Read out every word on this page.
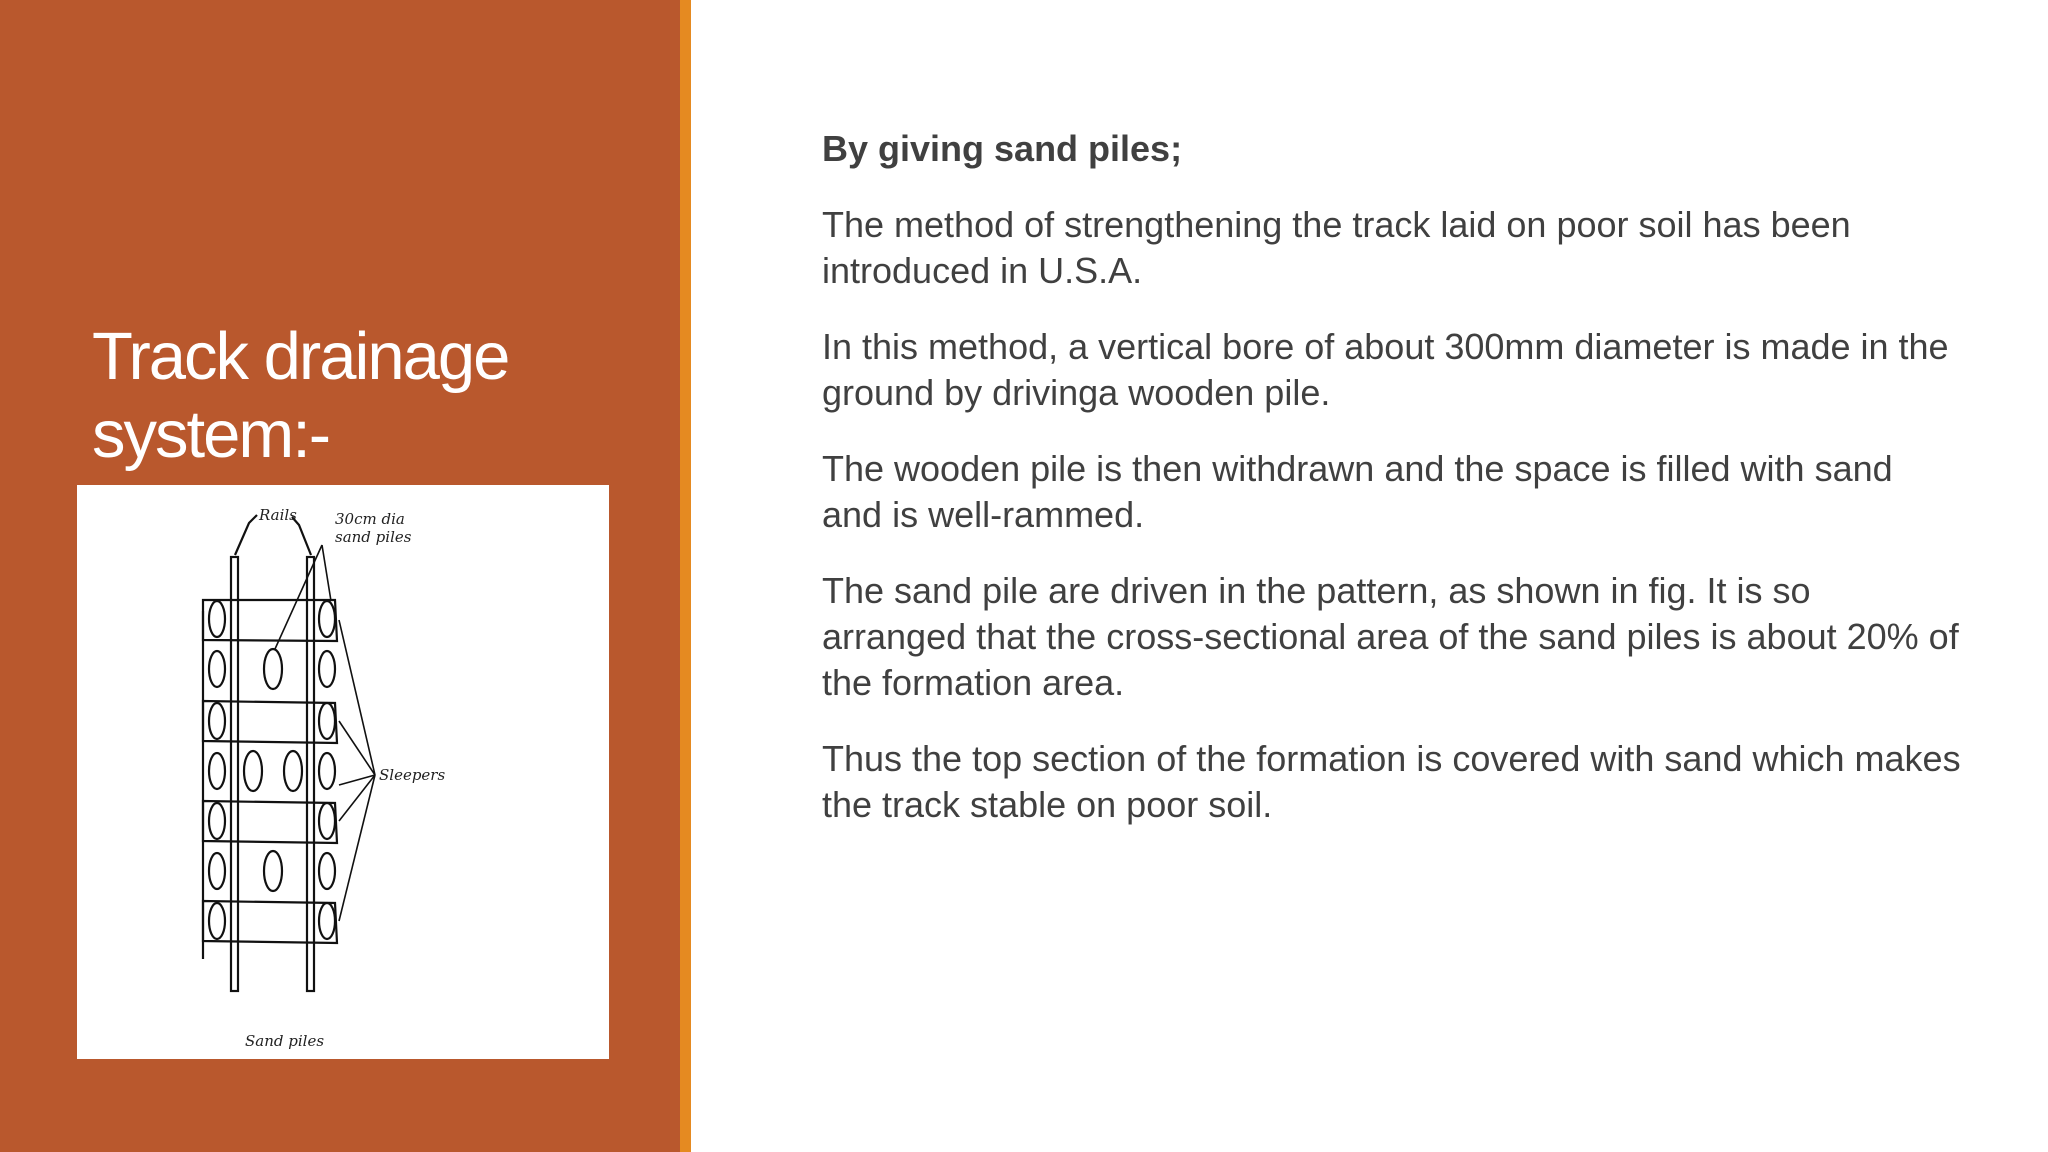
Track drainage
system:-
Rails	30cm dia
sand piles
Sleepers
Sand piles

By giving sand piles;

The method of strengthening the track laid on poor soil has been introduced in U.S.A.

In this method, a vertical bore of about 300mm diameter is made in the ground by drivinga wooden pile.

The wooden pile is then withdrawn and the space is filled with sand and is well-rammed.

The sand pile are driven in the pattern, as shown in fig. It is so arranged that the cross-sectional area of the sand piles is about 20% of the formation area.

Thus the top section of the formation is covered with sand which makes the track stable on poor soil.
